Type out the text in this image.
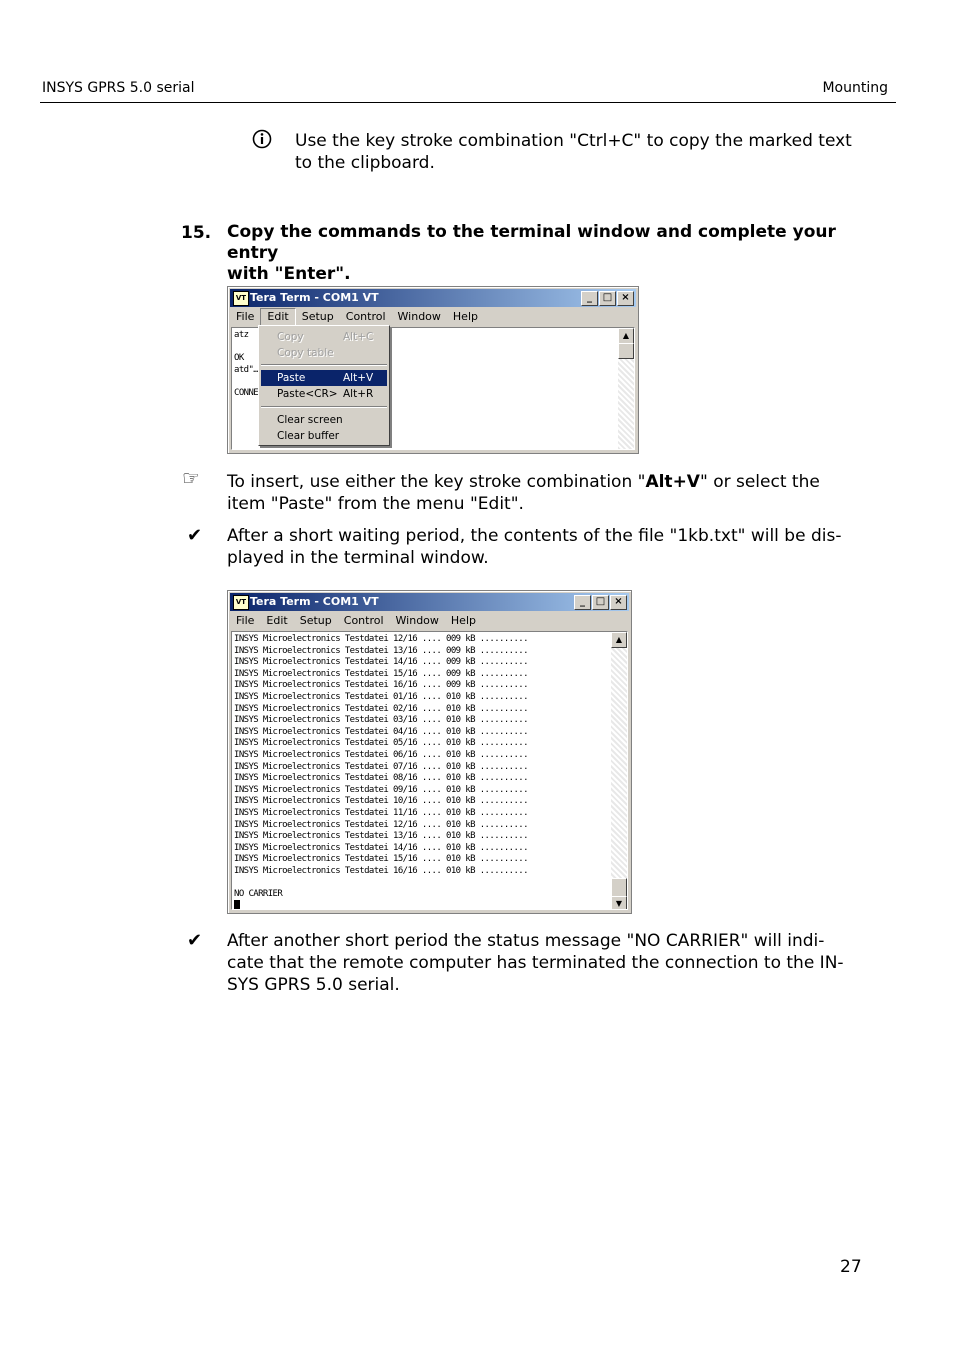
INSYS GPRS 5.0 serial	Mounting
Use the key stroke combination "Ctrl+C" to copy the marked text
to the clipboard.
15. Copy the commands to the terminal window and complete your entry
with "Enter".
VT Tera Term - COM1 VT	_	□ ×
File	Edit	Setup	Control	Window	Help
atz

OK
atd"…

CONNE
▲
Copy	Alt+C
Copy table
Paste	Alt+V
Paste<CR> Alt+R
Clear screen
Clear buffer
☞ To insert, use either the key stroke combination "Alt+V" or select the
item "Paste" from the menu "Edit".
✔ After a short waiting period, the contents of the file "1kb.txt" will be dis-
played in the terminal window.
VT Tera Term - COM1 VT	_	□ ×
File	Edit	Setup	Control	Window	Help
INSYS Microelectronics Testdatei 12/16 .... 009 kB ..........
INSYS Microelectronics Testdatei 13/16 .... 009 kB ..........
INSYS Microelectronics Testdatei 14/16 .... 009 kB ..........
INSYS Microelectronics Testdatei 15/16 .... 009 kB ..........
INSYS Microelectronics Testdatei 16/16 .... 009 kB ..........
INSYS Microelectronics Testdatei 01/16 .... 010 kB ..........
INSYS Microelectronics Testdatei 02/16 .... 010 kB ..........
INSYS Microelectronics Testdatei 03/16 .... 010 kB ..........
INSYS Microelectronics Testdatei 04/16 .... 010 kB ..........
INSYS Microelectronics Testdatei 05/16 .... 010 kB ..........
INSYS Microelectronics Testdatei 06/16 .... 010 kB ..........
INSYS Microelectronics Testdatei 07/16 .... 010 kB ..........
INSYS Microelectronics Testdatei 08/16 .... 010 kB ..........
INSYS Microelectronics Testdatei 09/16 .... 010 kB ..........
INSYS Microelectronics Testdatei 10/16 .... 010 kB ..........
INSYS Microelectronics Testdatei 11/16 .... 010 kB ..........
INSYS Microelectronics Testdatei 12/16 .... 010 kB ..........
INSYS Microelectronics Testdatei 13/16 .... 010 kB ..........
INSYS Microelectronics Testdatei 14/16 .... 010 kB ..........
INSYS Microelectronics Testdatei 15/16 .... 010 kB ..........
INSYS Microelectronics Testdatei 16/16 .... 010 kB ..........

NO CARRIER
▲
▼
✔ After another short period the status message "NO CARRIER" will indi-
cate that the remote computer has terminated the connection to the IN-
SYS GPRS 5.0 serial.
27
